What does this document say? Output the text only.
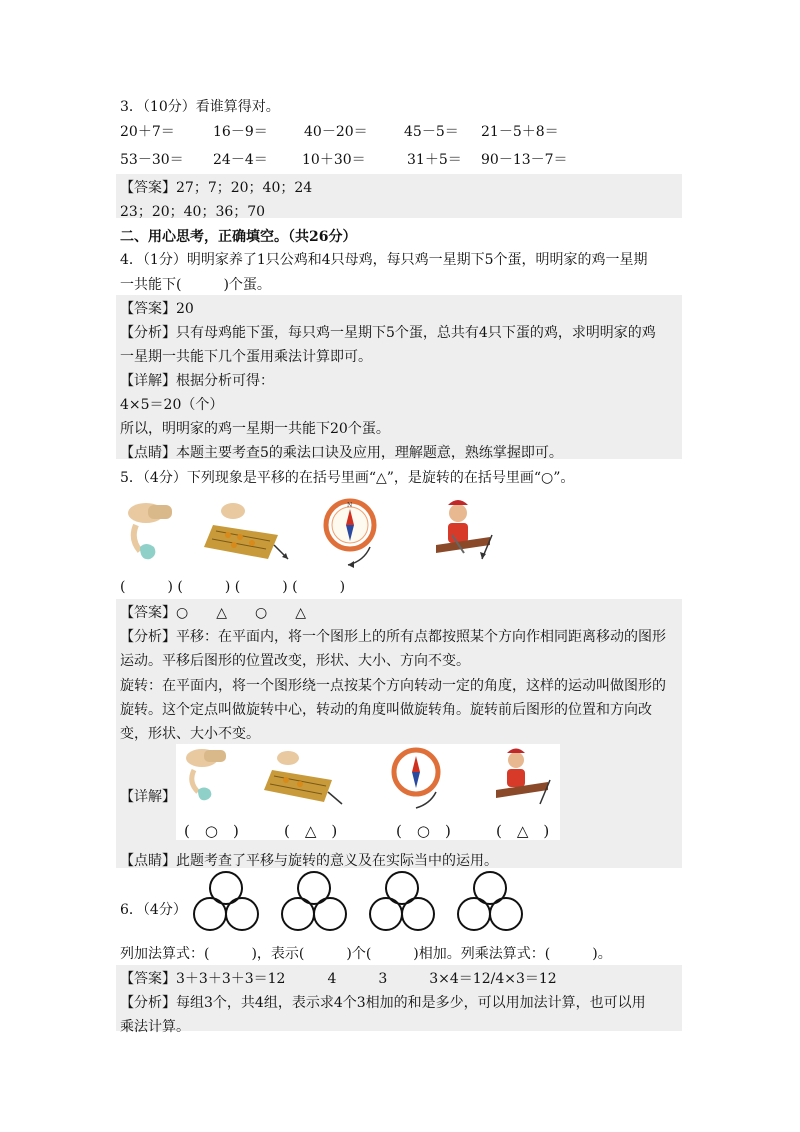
3．（10分）看谁算得对。
20＋7＝	16－9＝	40－20＝	45－5＝ 21－5＋8＝
53－30＝ 24－4＝ 10＋30＝	31＋5＝ 90－13－7＝
【答案】27；7；20；40；24
23；20；40；36；70
二、用心思考，正确填空。（共26分）
4．（1分）明明家养了1只公鸡和4只母鸡，每只鸡一星期下5个蛋，明明家的鸡一星期
一共能下(　　　)个蛋。
【答案】20
【分析】只有母鸡能下蛋，每只鸡一星期下5个蛋，总共有4只下蛋的鸡，求明明家的鸡
一星期一共能下几个蛋用乘法计算即可。
【详解】根据分析可得：
4×5＝20（个）
所以，明明家的鸡一星期一共能下20个蛋。
【点睛】本题主要考查5的乘法口诀及应用，理解题意，熟练掌握即可。
5．（4分）下列现象是平移的在括号里画“△”，是旋转的在括号里画“○”。
N
(　　　) (　　　) (　　　) (　　　)
【答案】○　　△　　○　　△
【分析】平移：在平面内，将一个图形上的所有点都按照某个方向作相同距离移动的图形
运动。平移后图形的位置改变，形状、大小、方向不变。
旋转：在平面内，将一个图形绕一点按某个方向转动一定的角度，这样的运动叫做图形的
旋转。这个定点叫做旋转中心，转动的角度叫做旋转角。旋转前后图形的位置和方向改
变，形状、大小不变。
【详解】
(　○　)	(　△　)	(　○　)	(　△　)
【点睛】此题考查了平移与旋转的意义及在实际当中的运用。
6．（4分）
列加法算式：(　　　)，表示(　　　)个(　　　)相加。列乘法算式：(　　　)。
【答案】3＋3＋3＋3＝12　　　4　　　3　　　3×4＝12/4×3＝12
【分析】每组3个，共4组，表示求4个3相加的和是多少，可以用加法计算，也可以用
乘法计算。
